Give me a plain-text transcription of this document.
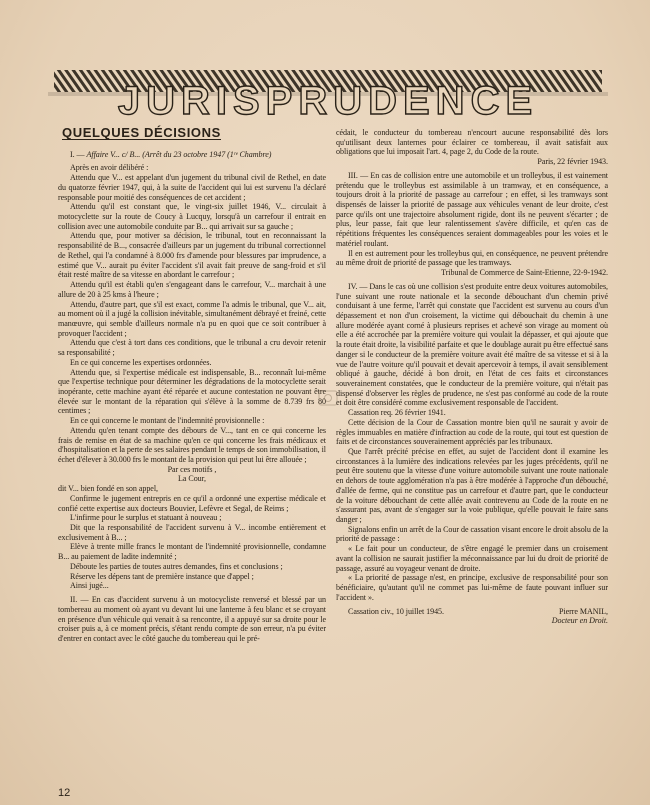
JURISPRUDENCE
QUELQUES DÉCISIONS

I. — Affaire V... c/ B... (Arrêt du 23 octobre 1947 (1ʳᵉ Chambre)

Après en avoir délibéré :

Attendu que V... est appelant d'un jugement du tribunal civil de Rethel, en date du quatorze février 1947, qui, à la suite de l'accident qui lui est survenu l'a déclaré responsable pour moitié des conséquences de cet accident ;

Attendu qu'il est constant que, le vingt-six juillet 1946, V... circulait à motocyclette sur la route de Coucy à Lucquy, lorsqu'à un carrefour il entrait en collision avec une automobile conduite par B... qui arrivait sur sa gauche ;

Attendu que, pour motiver sa décision, le tribunal, tout en reconnaissant la responsabilité de B..., consacrée d'ailleurs par un jugement du tribunal correctionnel de Rethel, qui l'a condamné à 8.000 frs d'amende pour blessures par imprudence, a estimé que V... aurait pu éviter l'accident s'il avait fait preuve de sang-froid et s'il était resté maître de sa vitesse en abordant le carrefour ;

Attendu qu'il est établi qu'en s'engageant dans le carrefour, V... marchait à une allure de 20 à 25 kms à l'heure ;

Attendu, d'autre part, que s'il est exact, comme l'a admis le tribunal, que V... ait, au moment où il a jugé la collision inévitable, simultanément débrayé et freiné, cette manœuvre, qui semble d'ailleurs normale n'a pu en quoi que ce soit contribuer à provoquer l'accident ;

Attendu que c'est à tort dans ces conditions, que le tribunal a cru devoir retenir sa responsabilité ;

En ce qui concerne les expertises ordonnées.

Attendu que, si l'expertise médicale est indispensable, B... reconnaît lui-même que l'expertise technique pour déterminer les dégradations de la motocyclette serait inopérante, cette machine ayant été réparée et aucune contestation ne pouvant être élevée sur le montant de la réparation qui s'élève à la somme de 8.739 frs 80 centimes ;

En ce qui concerne le montant de l'indemnité provisionnelle :

Attendu qu'en tenant compte des débours de V..., tant en ce qui concerne les frais de remise en état de sa machine qu'en ce qui concerne les frais médicaux et d'hospitalisation et la perte de ses salaires pendant le temps de son immobilisation, il échet d'élever à 30.000 frs le montant de la provision qui peut lui être allouée ;

Par ces motifs ,

La Cour,

dit V... bien fondé en son appel,

Confirme le jugement entrepris en ce qu'il a ordonné une expertise médicale et confié cette expertise aux docteurs Bouvier, Lefèvre et Segal, de Reims ;

L'infirme pour le surplus et statuant à nouveau ;

Dit que la responsabilité de l'accident survenu à V... incombe entièrement et exclusivement à B... ;

Elève à trente mille francs le montant de l'indemnité provisionnelle, condamne B... au paiement de ladite indemnité ;

Déboute les parties de toutes autres demandes, fins et conclusions ;

Réserve les dépens tant de première instance que d'appel ;

Ainsi jugé...

II. — En cas d'accident survenu à un motocycliste renversé et blessé par un tombereau au moment où ayant vu devant lui une lanterne à feu blanc et se croyant en présence d'un véhicule qui venait à sa rencontre, il a appuyé sur sa droite pour le croiser puis a, à ce moment précis, s'étant rendu compte de son erreur, n'a pu éviter d'entrer en contact avec le côté gauche du tombereau qui le pré-

cédait, le conducteur du tombereau n'encourt aucune responsabilité dès lors qu'utilisant deux lanternes pour éclairer ce tombereau, il avait satisfait aux obligations que lui imposait l'art. 4, page 2, du Code de la route.

Paris, 22 février 1943.

III. — En cas de collision entre une automobile et un trolleybus, il est vainement prétendu que le trolleybus est assimilable à un tramway, et en conséquence, a toujours droit à la priorité de passage au carrefour ; en effet, si les tramways sont dispensés de laisser la priorité de passage aux véhicules venant de leur droite, c'est parce qu'ils ont une trajectoire absolument rigide, dont ils ne peuvent s'écarter ; de plus, leur passe, fait que leur ralentissement s'avère difficile, et qu'en cas de répétitions fréquentes les conséquences seraient dommageables pour les voies et le matériel roulant.

Il en est autrement pour les trolleybus qui, en conséquence, ne peuvent prétendre au même droit de priorité de passage que les tramways.

Tribunal de Commerce de Saint-Etienne, 22-9-1942.

IV. — Dans le cas où une collision s'est produite entre deux voitures automobiles, l'une suivant une route nationale et la seconde débouchant d'un chemin privé conduisant à une ferme, l'arrêt qui constate que l'accident est survenu au cours d'un dépassement et non d'un croisement, la victime qui débouchait du chemin à une allure modérée ayant corné à plusieurs reprises et achevé son virage au moment où elle a été accrochée par la première voiture qui voulait la dépasser, et qui ajoute que la route était droite, la visibilité parfaite et que le doublage aurait pu être effectué sans danger si le conducteur de la première voiture avait été maître de sa vitesse et si à la vue de l'autre voiture qu'il pouvait et devait apercevoir à temps, il avait sensiblement obliqué à gauche, décidé à bon droit, en l'état de ces faits et circonstances souverainement constatées, que le conducteur de la première voiture, qui n'était pas dispensé d'observer les règles de prudence, ne s'est pas conformé au code de la route et doit être considéré comme exclusivement responsable de l'accident.

Cassation req. 26 février 1941.

Cette décision de la Cour de Cassation montre bien qu'il ne saurait y avoir de règles immuables en matière d'infraction au code de la route, qui tout est question de faits et de circonstances souverainement appréciés par les tribunaux.

Que l'arrêt précité précise en effet, au sujet de l'accident dont il examine les circonstances à la lumière des indications relevées par les juges précédents, qu'il ne peut être soutenu que la vitesse d'une voiture automobile suivant une route nationale en dehors de toute agglomération n'a pas à être modérée à l'approche d'un débouché, d'allée de ferme, qui ne constitue pas un carrefour et d'autre part, que le conducteur de la voiture débouchant de cette allée avait contrevenu au Code de la route en ne s'assurant pas, avant de s'engager sur la voie publique, qu'elle pouvait le faire sans danger ;

Signalons enfin un arrêt de la Cour de cassation visant encore le droit absolu de la priorité de passage :

« Le fait pour un conducteur, de s'être engagé le premier dans un croisement avant la collision ne saurait justifier la méconnaissance par lui du droit de priorité de passage, assuré au voyageur venant de droite.

« La priorité de passage n'est, en principe, exclusive de responsabilité pour son bénéficiaire, qu'autant qu'il ne commet pas lui-même de faute pouvant influer sur l'accident ».

Cassation civ., 10 juillet 1945.	Pierre MANIL,

Docteur en Droit.

12
